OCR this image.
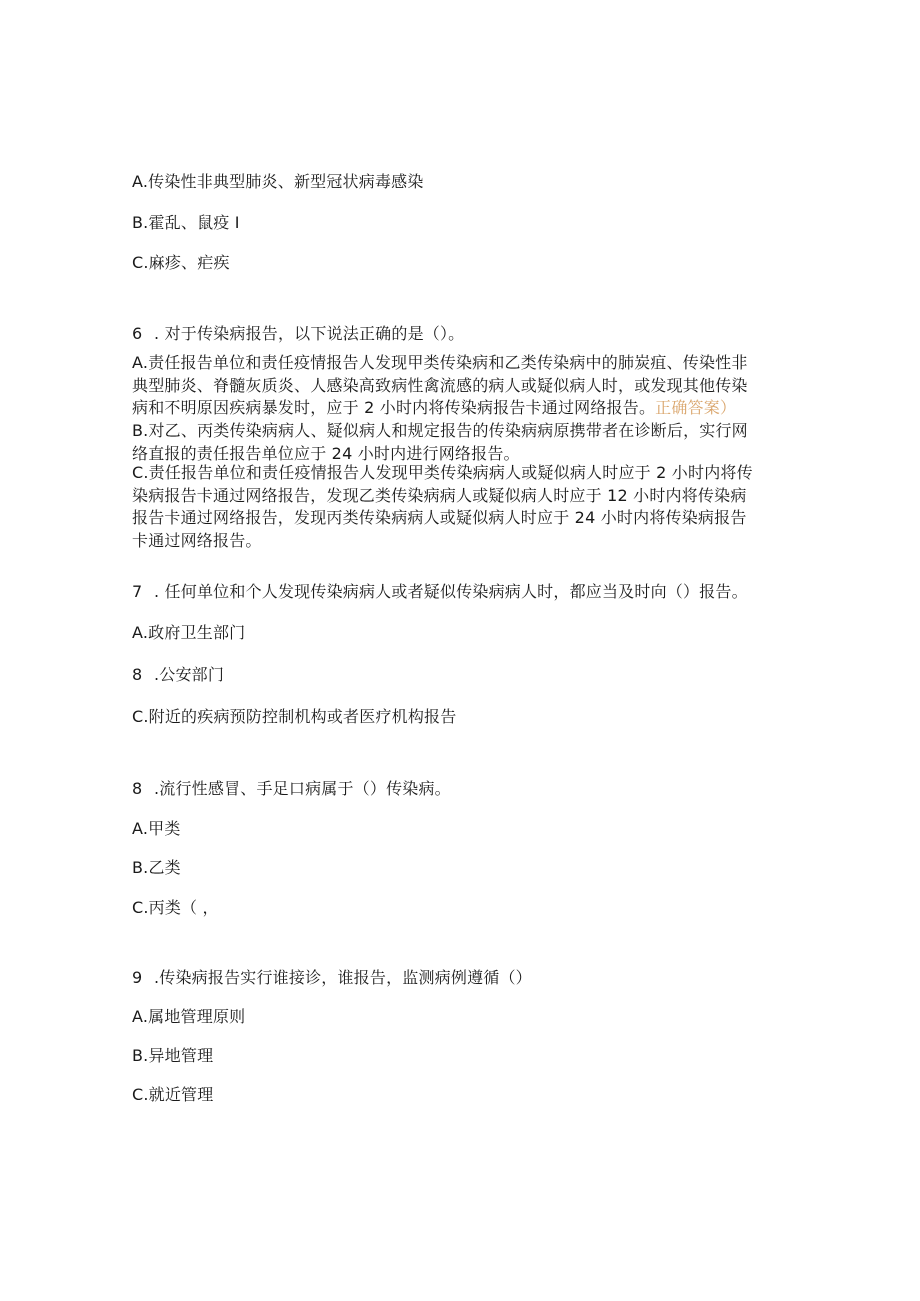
A.传染性非典型肺炎、新型冠状病毒感染
B.霍乱、鼠疫 I
C.麻疹、疟疾
6 . 对于传染病报告，以下说法正确的是（）。
A.责任报告单位和责任疫情报告人发现甲类传染病和乙类传染病中的肺炭疽、传染性非
典型肺炎、脊髓灰质炎、人感染高致病性禽流感的病人或疑似病人时，或发现其他传染
病和不明原因疾病暴发时，应于 2 小时内将传染病报告卡通过网络报告。正确答案）
B.对乙、丙类传染病病人、疑似病人和规定报告的传染病病原携带者在诊断后，实行网
络直报的责任报告单位应于 24 小时内进行网络报告。
C.责任报告单位和责任疫情报告人发现甲类传染病病人或疑似病人时应于 2 小时内将传
染病报告卡通过网络报告，发现乙类传染病病人或疑似病人时应于 12 小时内将传染病
报告卡通过网络报告，发现丙类传染病病人或疑似病人时应于 24 小时内将传染病报告
卡通过网络报告。
7 . 任何单位和个人发现传染病病人或者疑似传染病病人时，都应当及时向（）报告。
A.政府卫生部门
8 .公安部门
C.附近的疾病预防控制机构或者医疗机构报告
8 .流行性感冒、手足口病属于（）传染病。
A.甲类
B.乙类
C.丙类（ ，
9 .传染病报告实行谁接诊，谁报告，监测病例遵循（）
A.属地管理原则
B.异地管理
C.就近管理
